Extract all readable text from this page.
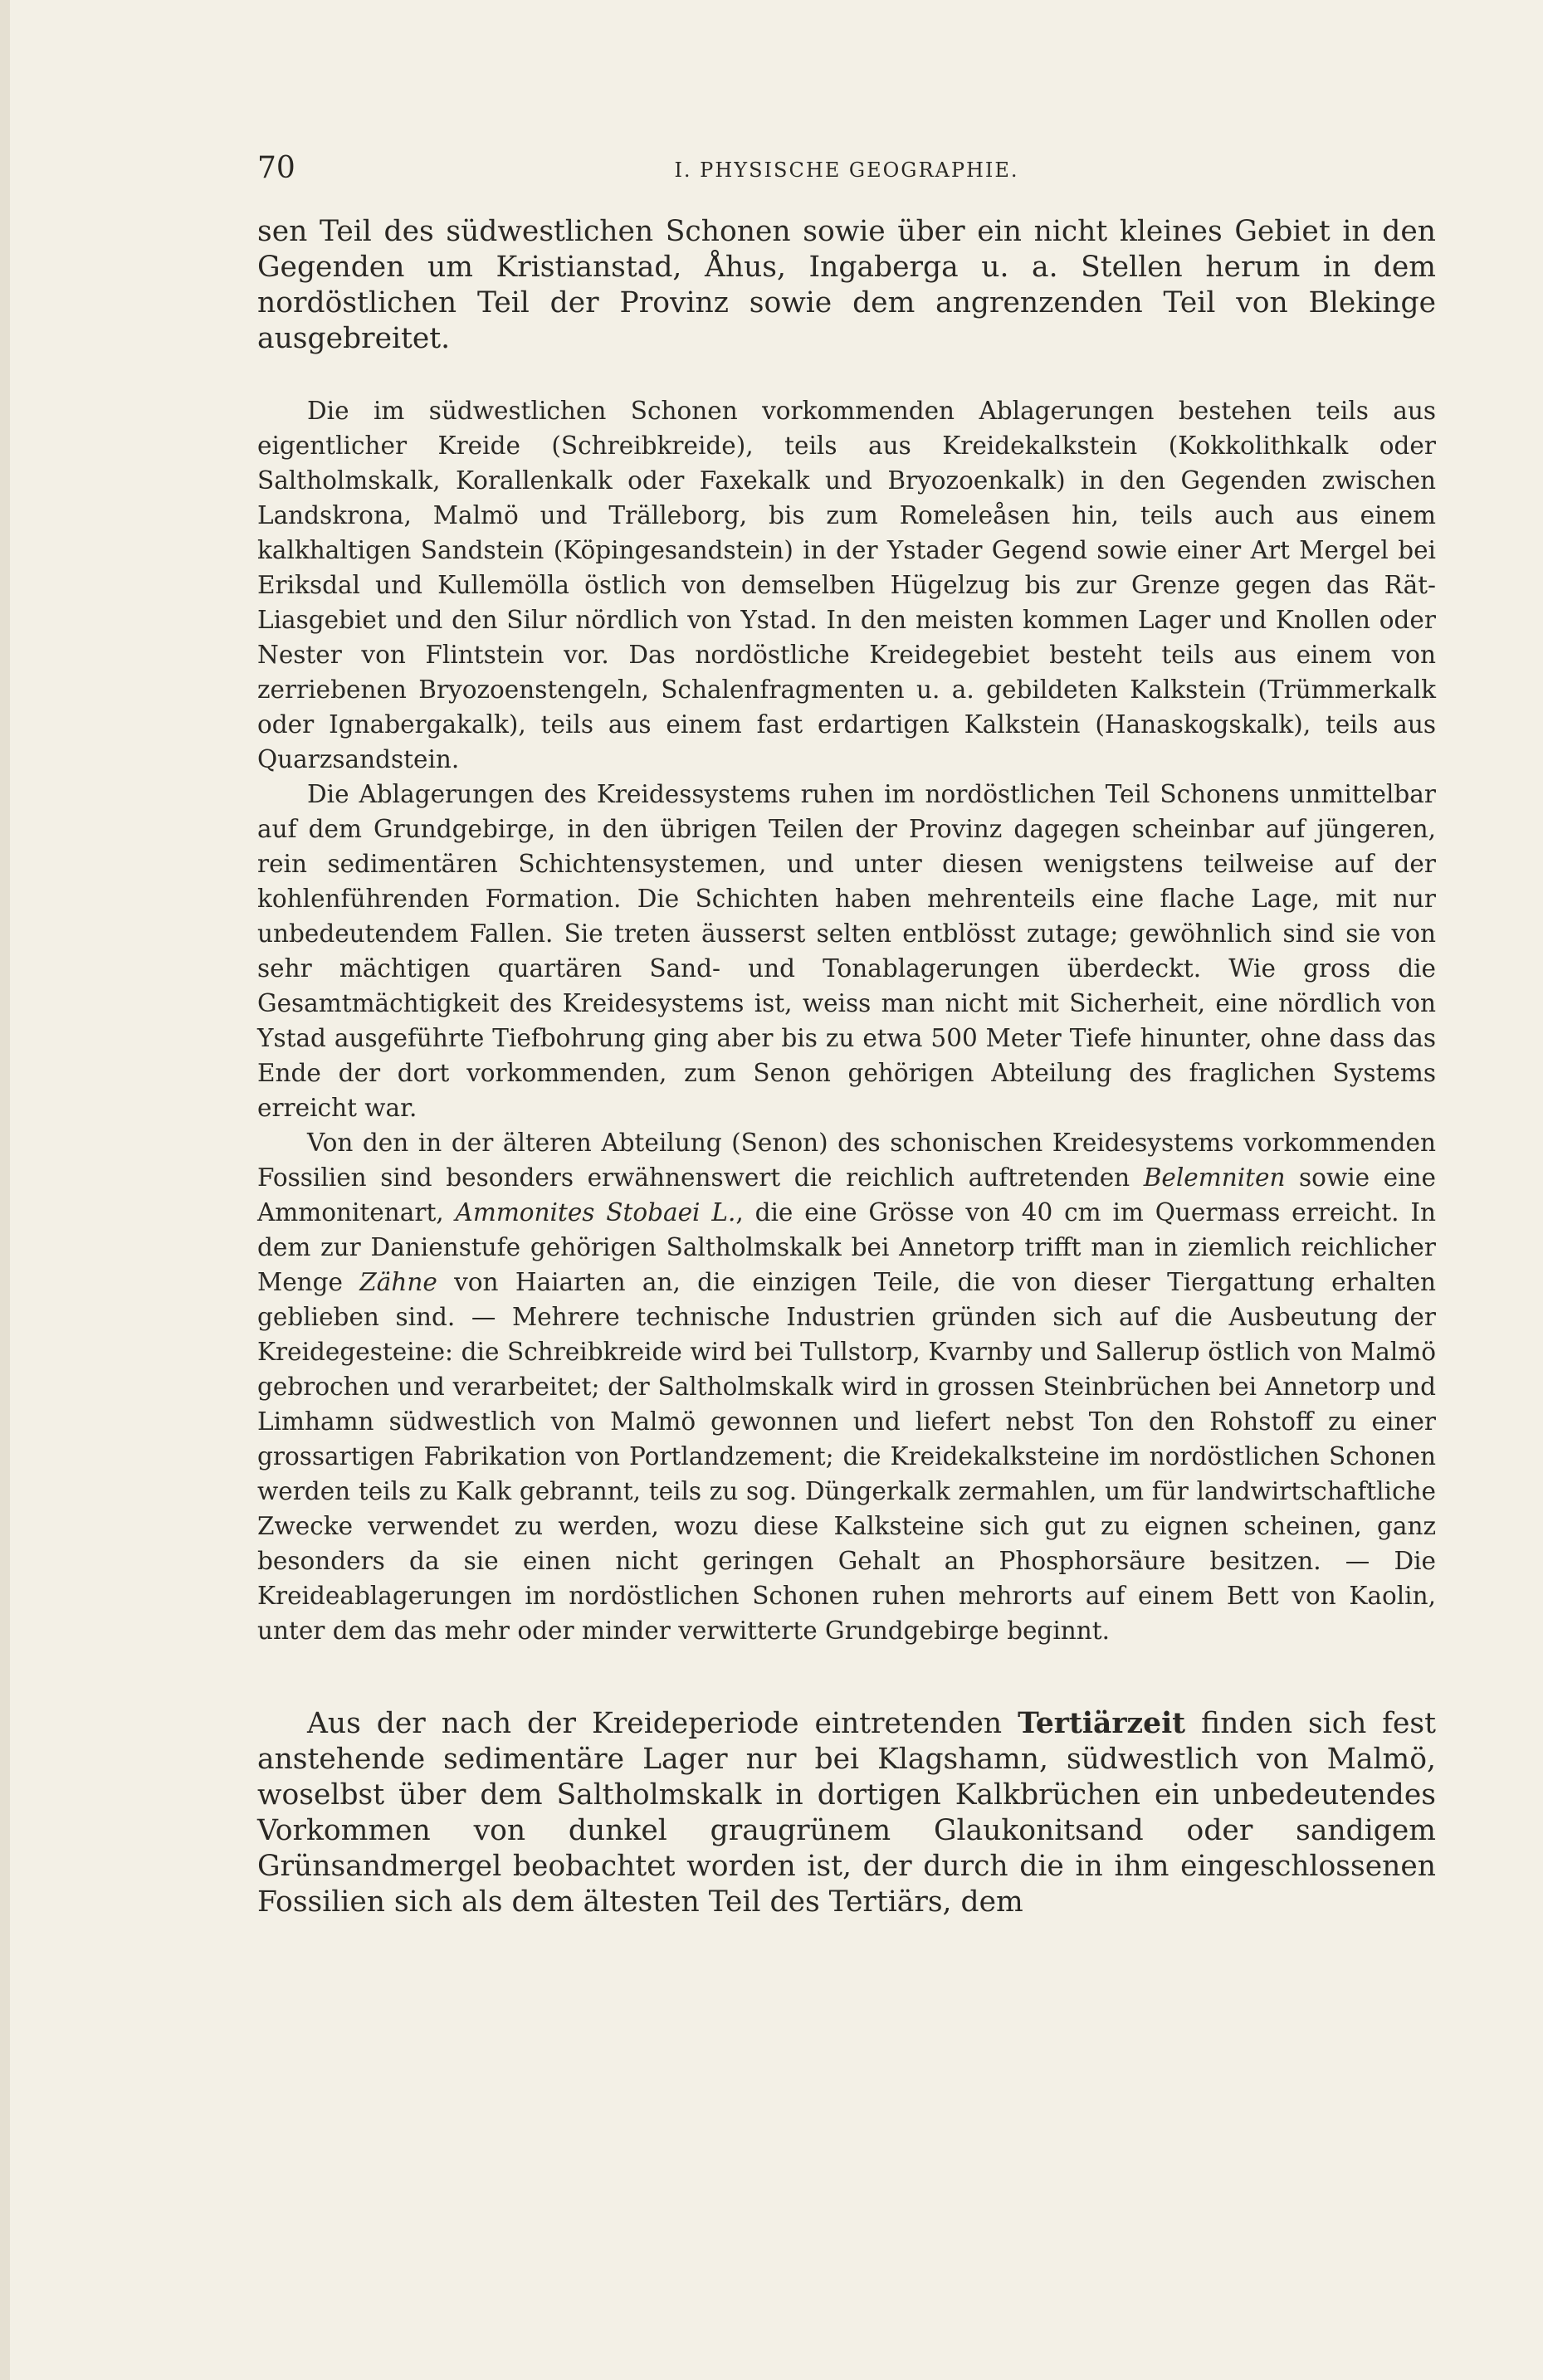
70	I. PHYSISCHE GEOGRAPHIE.

sen Teil des südwestlichen Schonen sowie über ein nicht kleines Gebiet in den Gegenden um Kristianstad, Åhus, Ingaberga u. a. Stellen herum in dem nordöstlichen Teil der Provinz sowie dem angrenzenden Teil von Blekinge ausgebreitet.

Die im südwestlichen Schonen vorkommenden Ablagerungen bestehen teils aus eigentlicher Kreide (Schreibkreide), teils aus Kreidekalkstein (Kokkolithkalk oder Saltholmskalk, Korallenkalk oder Faxekalk und Bryozoenkalk) in den Gegenden zwischen Landskrona, Malmö und Trälleborg, bis zum Romeleåsen hin, teils auch aus einem kalkhaltigen Sandstein (Köpingesandstein) in der Ystader Gegend sowie einer Art Mergel bei Eriksdal und Kullemölla östlich von demselben Hügelzug bis zur Grenze gegen das Rät-Liasgebiet und den Silur nördlich von Ystad. In den meisten kommen Lager und Knollen oder Nester von Flintstein vor. Das nordöstliche Kreidegebiet besteht teils aus einem von zerriebenen Bryozoenstengeln, Schalenfragmenten u. a. gebildeten Kalkstein (Trümmerkalk oder Ignabergakalk), teils aus einem fast erdartigen Kalkstein (Hanaskogskalk), teils aus Quarzsandstein.

Die Ablagerungen des Kreidessystems ruhen im nordöstlichen Teil Schonens unmittelbar auf dem Grundgebirge, in den übrigen Teilen der Provinz dagegen scheinbar auf jüngeren, rein sedimentären Schichtensystemen, und unter diesen wenigstens teilweise auf der kohlenführenden Formation. Die Schichten haben mehrenteils eine flache Lage, mit nur unbedeutendem Fallen. Sie treten äusserst selten entblösst zutage; gewöhnlich sind sie von sehr mächtigen quartären Sand- und Tonablagerungen überdeckt. Wie gross die Gesamtmächtigkeit des Kreidesystems ist, weiss man nicht mit Sicherheit, eine nördlich von Ystad ausgeführte Tiefbohrung ging aber bis zu etwa 500 Meter Tiefe hinunter, ohne dass das Ende der dort vorkommenden, zum Senon gehörigen Abteilung des fraglichen Systems erreicht war.

Von den in der älteren Abteilung (Senon) des schonischen Kreidesystems vorkommenden Fossilien sind besonders erwähnenswert die reichlich auftretenden Belemniten sowie eine Ammonitenart, Ammonites Stobaei L., die eine Grösse von 40 cm im Quermass erreicht. In dem zur Danienstufe gehörigen Saltholmskalk bei Annetorp trifft man in ziemlich reichlicher Menge Zähne von Haiarten an, die einzigen Teile, die von dieser Tiergattung erhalten geblieben sind. — Mehrere technische Industrien gründen sich auf die Ausbeutung der Kreidegesteine: die Schreibkreide wird bei Tullstorp, Kvarnby und Sallerup östlich von Malmö gebrochen und verarbeitet; der Saltholmskalk wird in grossen Steinbrüchen bei Annetorp und Limhamn südwestlich von Malmö gewonnen und liefert nebst Ton den Rohstoff zu einer grossartigen Fabrikation von Portlandzement; die Kreidekalksteine im nordöstlichen Schonen werden teils zu Kalk gebrannt, teils zu sog. Düngerkalk zermahlen, um für landwirtschaftliche Zwecke verwendet zu werden, wozu diese Kalksteine sich gut zu eignen scheinen, ganz besonders da sie einen nicht geringen Gehalt an Phosphorsäure besitzen. — Die Kreideablagerungen im nordöstlichen Schonen ruhen mehrorts auf einem Bett von Kaolin, unter dem das mehr oder minder verwitterte Grundgebirge beginnt.

Aus der nach der Kreideperiode eintretenden Tertiärzeit finden sich fest anstehende sedimentäre Lager nur bei Klagshamn, südwestlich von Malmö, woselbst über dem Saltholmskalk in dortigen Kalkbrüchen ein unbedeutendes Vorkommen von dunkel graugrünem Glaukonitsand oder sandigem Grünsandmergel beobachtet worden ist, der durch die in ihm eingeschlossenen Fossilien sich als dem ältesten Teil des Tertiärs, dem
